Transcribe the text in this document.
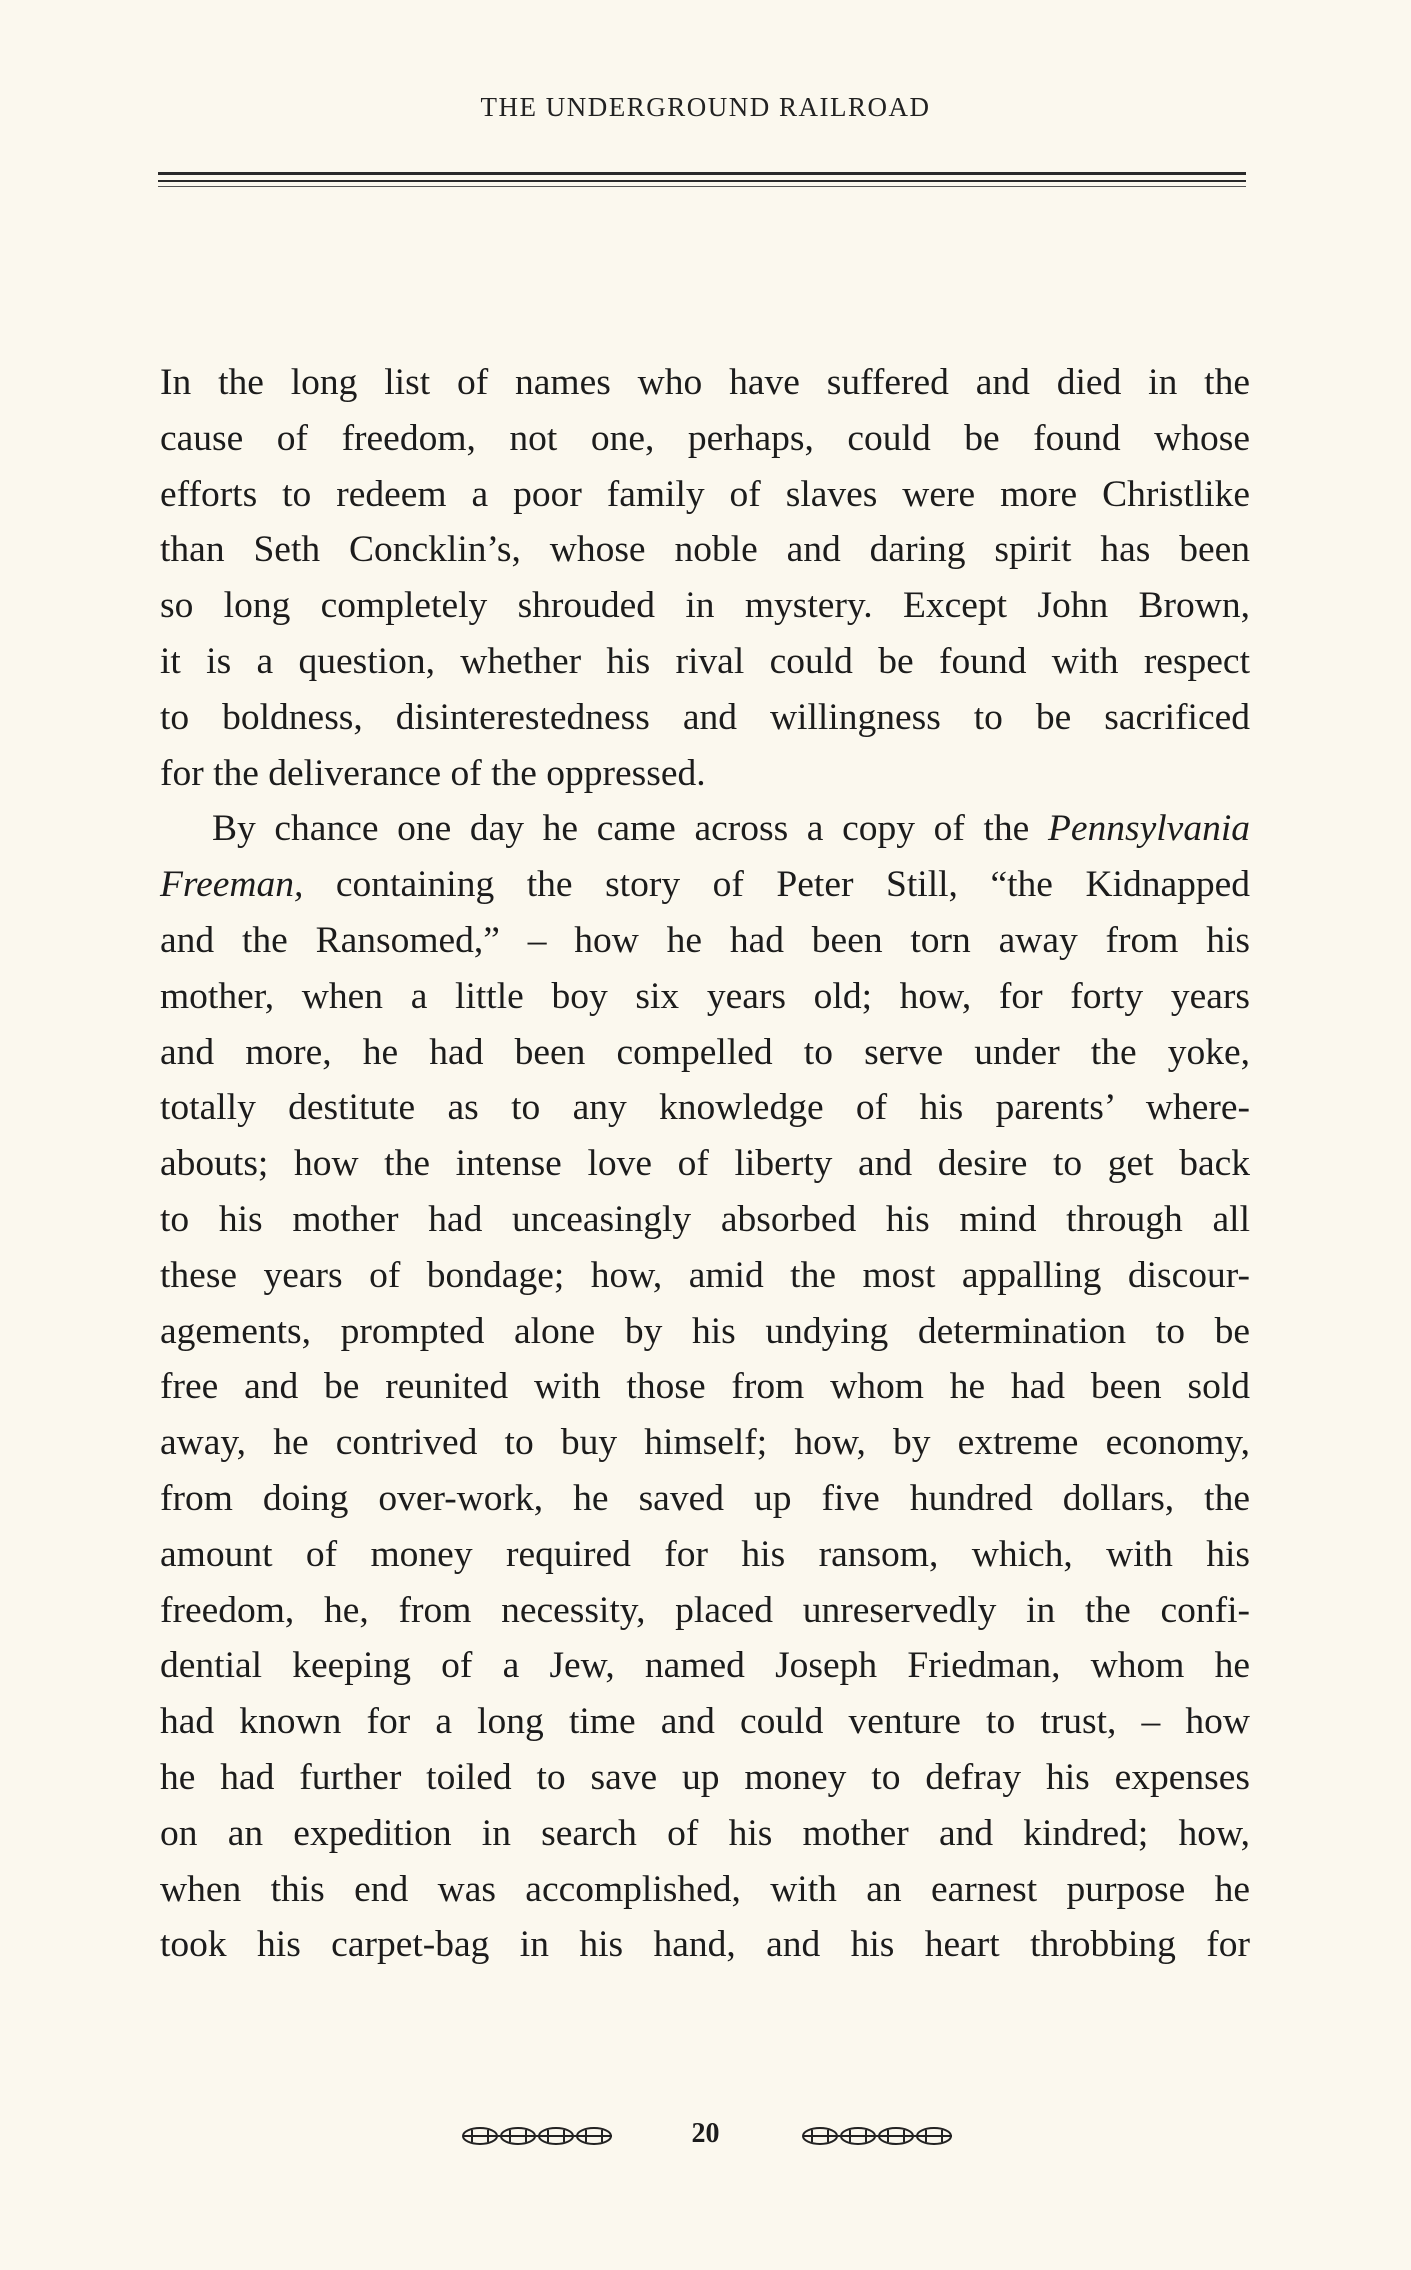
THE UNDERGROUND RAILROAD

In the long list of names who have suffered and died in the
cause of freedom, not one, perhaps, could be found whose
efforts to redeem a poor family of slaves were more Christlike
than Seth Concklin’s, whose noble and daring spirit has been
so long completely shrouded in mystery. Except John Brown,
it is a question, whether his rival could be found with respect
to boldness, disinterestedness and willingness to be sacrificed
for the deliverance of the oppressed.

By chance one day he came across a copy of the Pennsylvania
Freeman, containing the story of Peter Still, “the Kidnapped
and the Ransomed,” – how he had been torn away from his
mother, when a little boy six years old; how, for forty years
and more, he had been compelled to serve under the yoke,
totally destitute as to any knowledge of his parents’ where-
abouts; how the intense love of liberty and desire to get back
to his mother had unceasingly absorbed his mind through all
these years of bondage; how, amid the most appalling discour-
agements, prompted alone by his undying determination to be
free and be reunited with those from whom he had been sold
away, he contrived to buy himself; how, by extreme economy,
from doing over-work, he saved up five hundred dollars, the
amount of money required for his ransom, which, with his
freedom, he, from necessity, placed unreservedly in the confi-
dential keeping of a Jew, named Joseph Friedman, whom he
had known for a long time and could venture to trust, – how
he had further toiled to save up money to defray his expenses
on an expedition in search of his mother and kindred; how,
when this end was accomplished, with an earnest purpose he
took his carpet-bag in his hand, and his heart throbbing for

20
